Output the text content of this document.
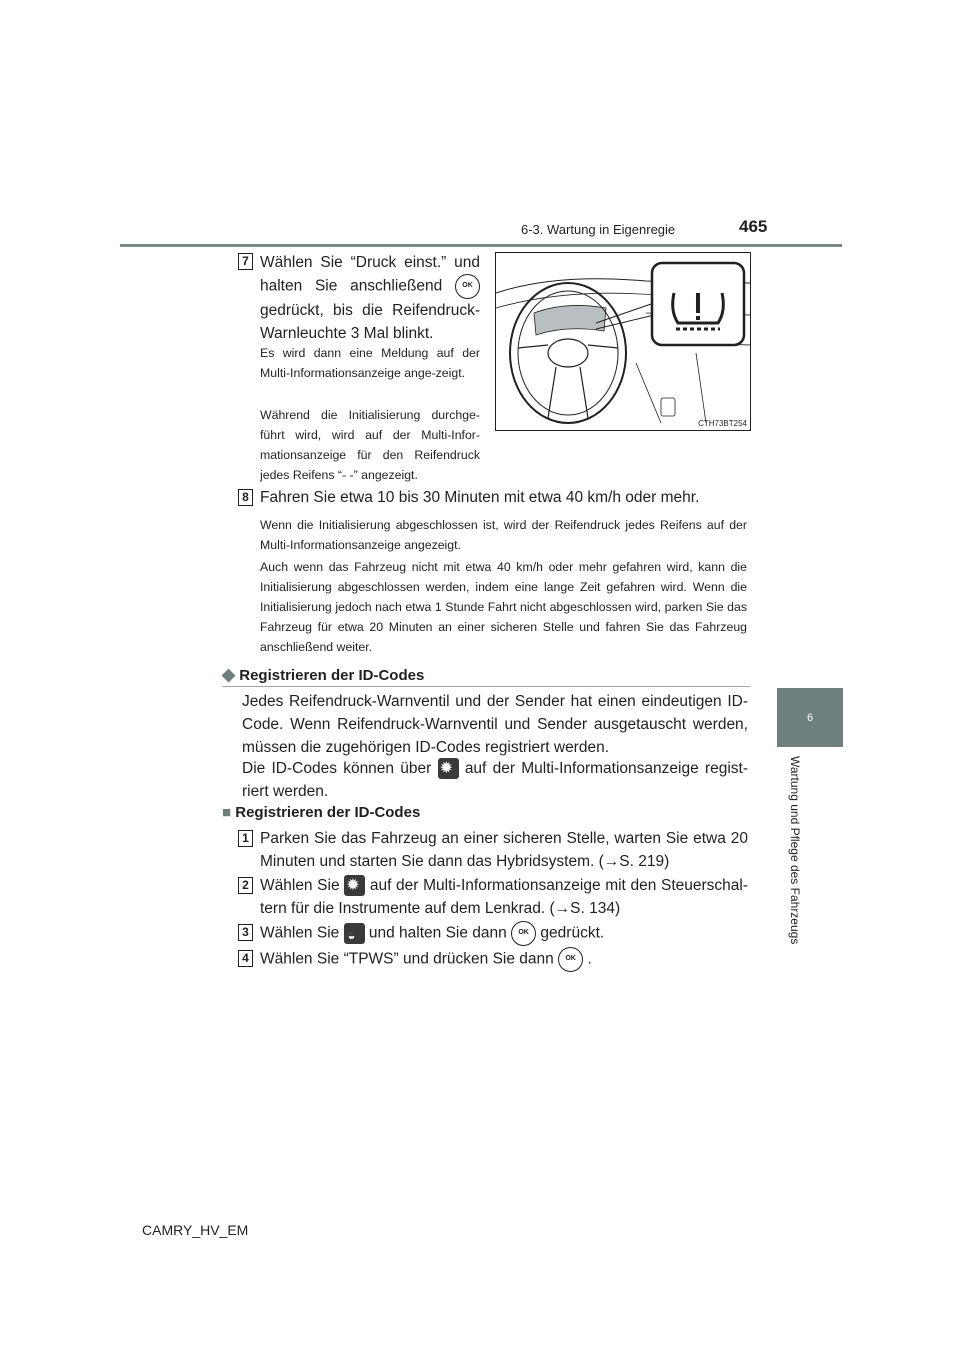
6-3. Wartung in Eigenregie	465
6
Wartung und Pflege des Fahrzeugs
7 Wählen Sie “Druck einst.” und halten Sie anschließend	OK gedrückt, bis die Reifendruck-Warnleuchte 3 Mal blinkt.
Es wird dann eine Meldung auf der Multi-Informationsanzeige ange-zeigt.
Während die Initialisierung durchge-führt wird, wird auf der Multi-Infor-mationsanzeige für den Reifendruck jedes Reifens “- -” angezeigt.
CTH73BT254
8 Fahren Sie etwa 10 bis 30 Minuten mit etwa 40 km/h oder mehr.
Wenn die Initialisierung abgeschlossen ist, wird der Reifendruck jedes Reifens auf der Multi-Informationsanzeige angezeigt.
Auch wenn das Fahrzeug nicht mit etwa 40 km/h oder mehr gefahren wird, kann die Initialisierung abgeschlossen werden, indem eine lange Zeit gefahren wird. Wenn die Initialisierung jedoch nach etwa 1 Stunde Fahrt nicht abgeschlossen wird, parken Sie das Fahrzeug für etwa 20 Minuten an einer sicheren Stelle und fahren Sie das Fahrzeug anschließend weiter.
◆ Registrieren der ID-Codes
Jedes Reifendruck-Warnventil und der Sender hat einen eindeutigen ID-Code. Wenn Reifendruck-Warnventil und Sender ausgetauscht werden, müssen die zugehörigen ID-Codes registriert werden.
Die ID-Codes können über ✹ auf der Multi-Informationsanzeige regist-riert werden.
■ Registrieren der ID-Codes
1 Parken Sie das Fahrzeug an einer sicheren Stelle, warten Sie etwa 20 Minuten und starten Sie dann das Hybridsystem. (→S. 219)
2 Wählen Sie ✹ auf der Multi-Informationsanzeige mit den Steuerschal-tern für die Instrumente auf dem Lenkrad. (→S. 134)
3 Wählen Sie ◒ und halten Sie dann OK gedrückt.
4 Wählen Sie “TPWS” und drücken Sie dann OK .
CAMRY_HV_EM
